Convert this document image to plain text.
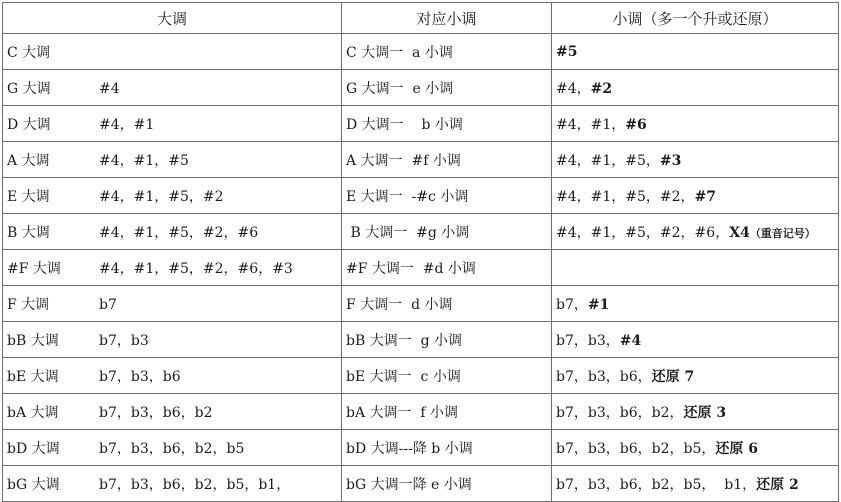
大调	对应小调	小调（多一个升或还原）
C 大调	C 大调一  a 小调	#5
G 大调 #4	G 大调一  e 小调	#4，#2
D 大调 #4，#1	D 大调一    b 小调	#4，#1，#6
A 大调 #4，#1，#5	A 大调一  #f 小调	#4，#1，#5，#3
E 大调 #4，#1，#5，#2	E 大调一  -#c 小调	#4，#1，#5，#2，#7
B 大调 #4，#1，#5，#2，#6	B 大调一  #g 小调	#4，#1，#5，#2，#6，X4（重音记号）
#F 大调 #4，#1，#5，#2，#6，#3	#F 大调一  #d 小调	
F 大调 b7	F 大调一  d 小调	b7，#1
bB 大调 b7，b3	bB 大调一  g 小调	b7，b3，#4
bE 大调 b7，b3，b6	bE 大调一  c 小调	b7，b3，b6，还原 7
bA 大调 b7，b3，b6，b2	bA 大调一  f 小调	b7，b3，b6，b2，还原 3
bD 大调 b7，b3，b6，b2，b5	bD 大调---降 b 小调	b7，b3，b6，b2，b5，还原 6
bG 大调 b7，b3，b6，b2，b5，b1，	bG 大调一降 e 小调	b7，b3，b6，b2，b5，  b1，还原 2
